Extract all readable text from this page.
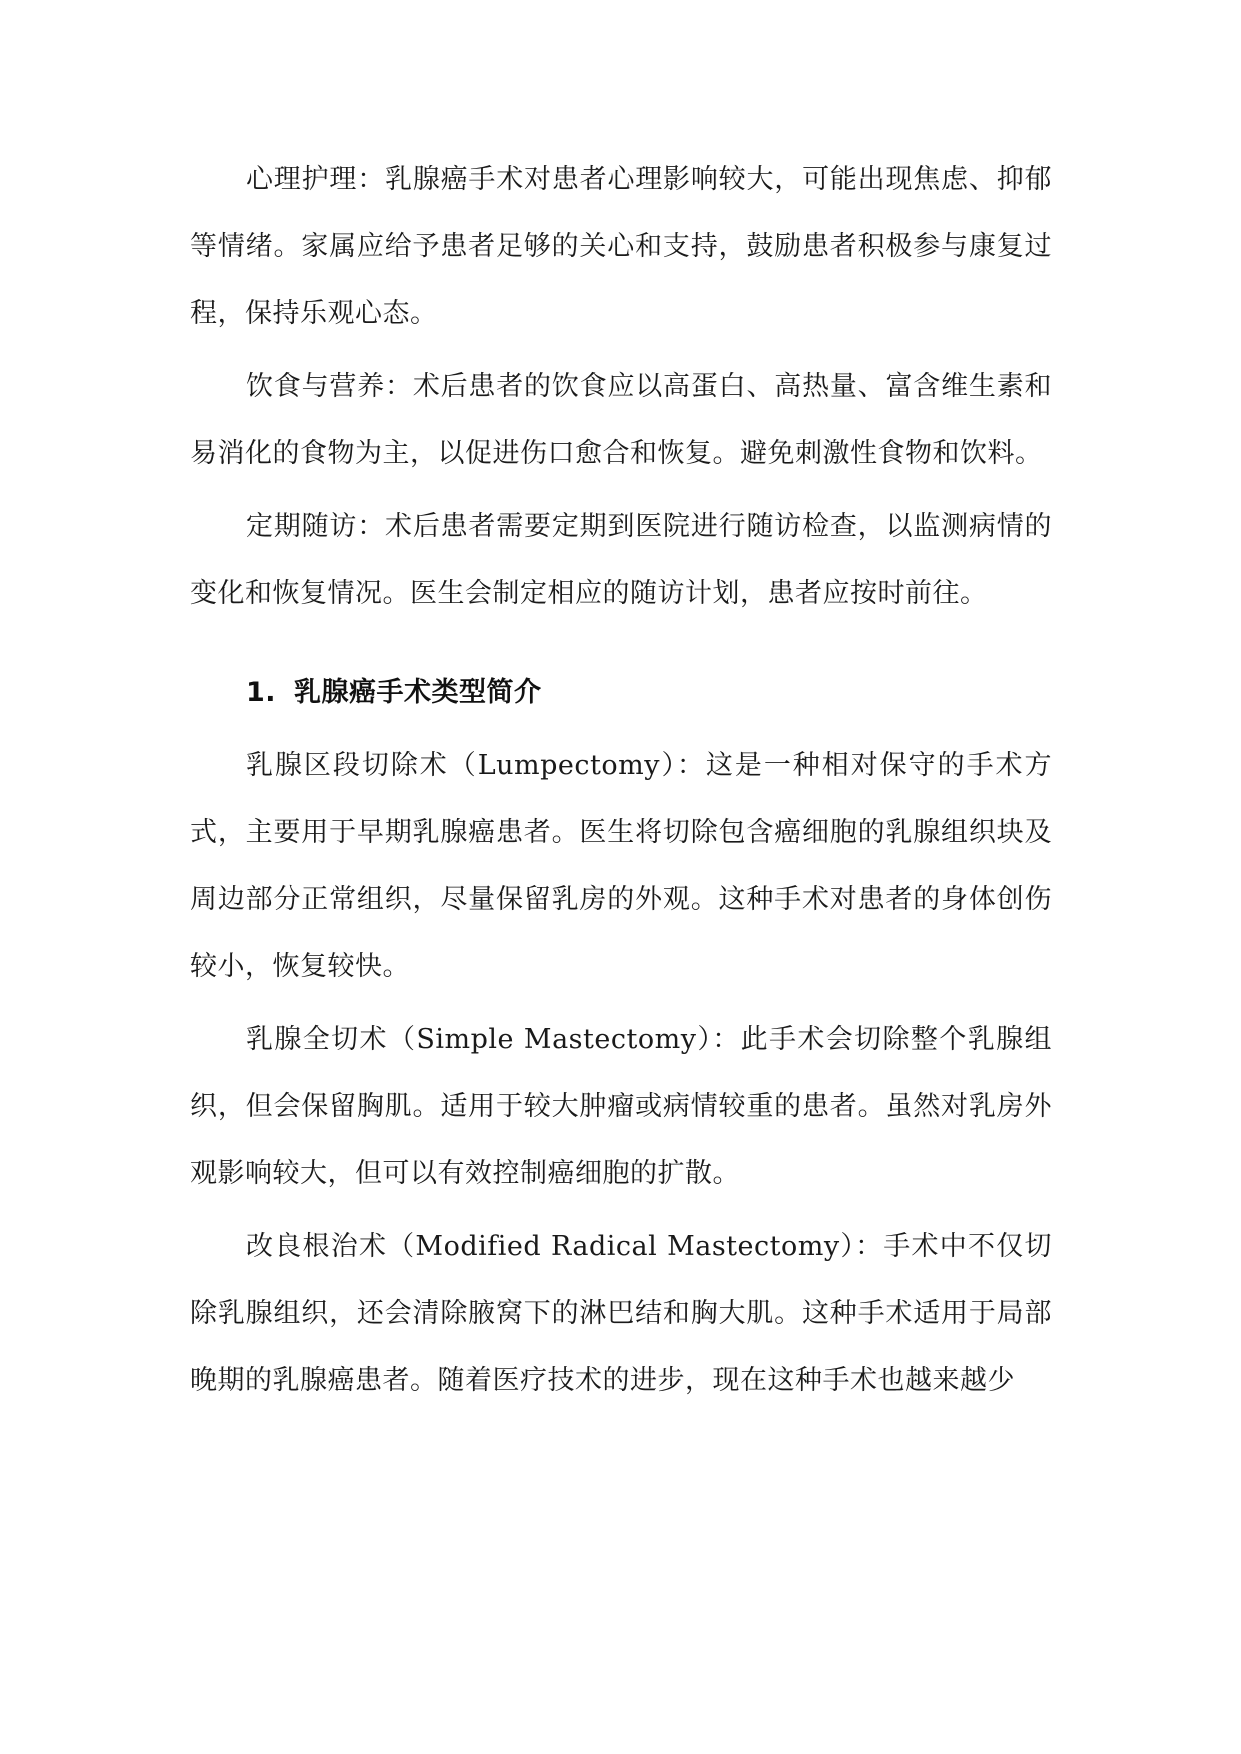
心理护理：乳腺癌手术对患者心理影响较大，可能出现焦虑、抑郁等情绪。家属应给予患者足够的关心和支持，鼓励患者积极参与康复过程，保持乐观心态。

饮食与营养：术后患者的饮食应以高蛋白、高热量、富含维生素和易消化的食物为主，以促进伤口愈合和恢复。避免刺激性食物和饮料。

定期随访：术后患者需要定期到医院进行随访检查，以监测病情的变化和恢复情况。医生会制定相应的随访计划，患者应按时前往。

1. 乳腺癌手术类型简介

乳腺区段切除术（Lumpectomy）：这是一种相对保守的手术方式，主要用于早期乳腺癌患者。医生将切除包含癌细胞的乳腺组织块及周边部分正常组织，尽量保留乳房的外观。这种手术对患者的身体创伤较小，恢复较快。

乳腺全切术（Simple Mastectomy）：此手术会切除整个乳腺组织，但会保留胸肌。适用于较大肿瘤或病情较重的患者。虽然对乳房外观影响较大，但可以有效控制癌细胞的扩散。

改良根治术（Modified Radical Mastectomy）：手术中不仅切除乳腺组织，还会清除腋窝下的淋巴结和胸大肌。这种手术适用于局部晚期的乳腺癌患者。随着医疗技术的进步，现在这种手术也越来越少
